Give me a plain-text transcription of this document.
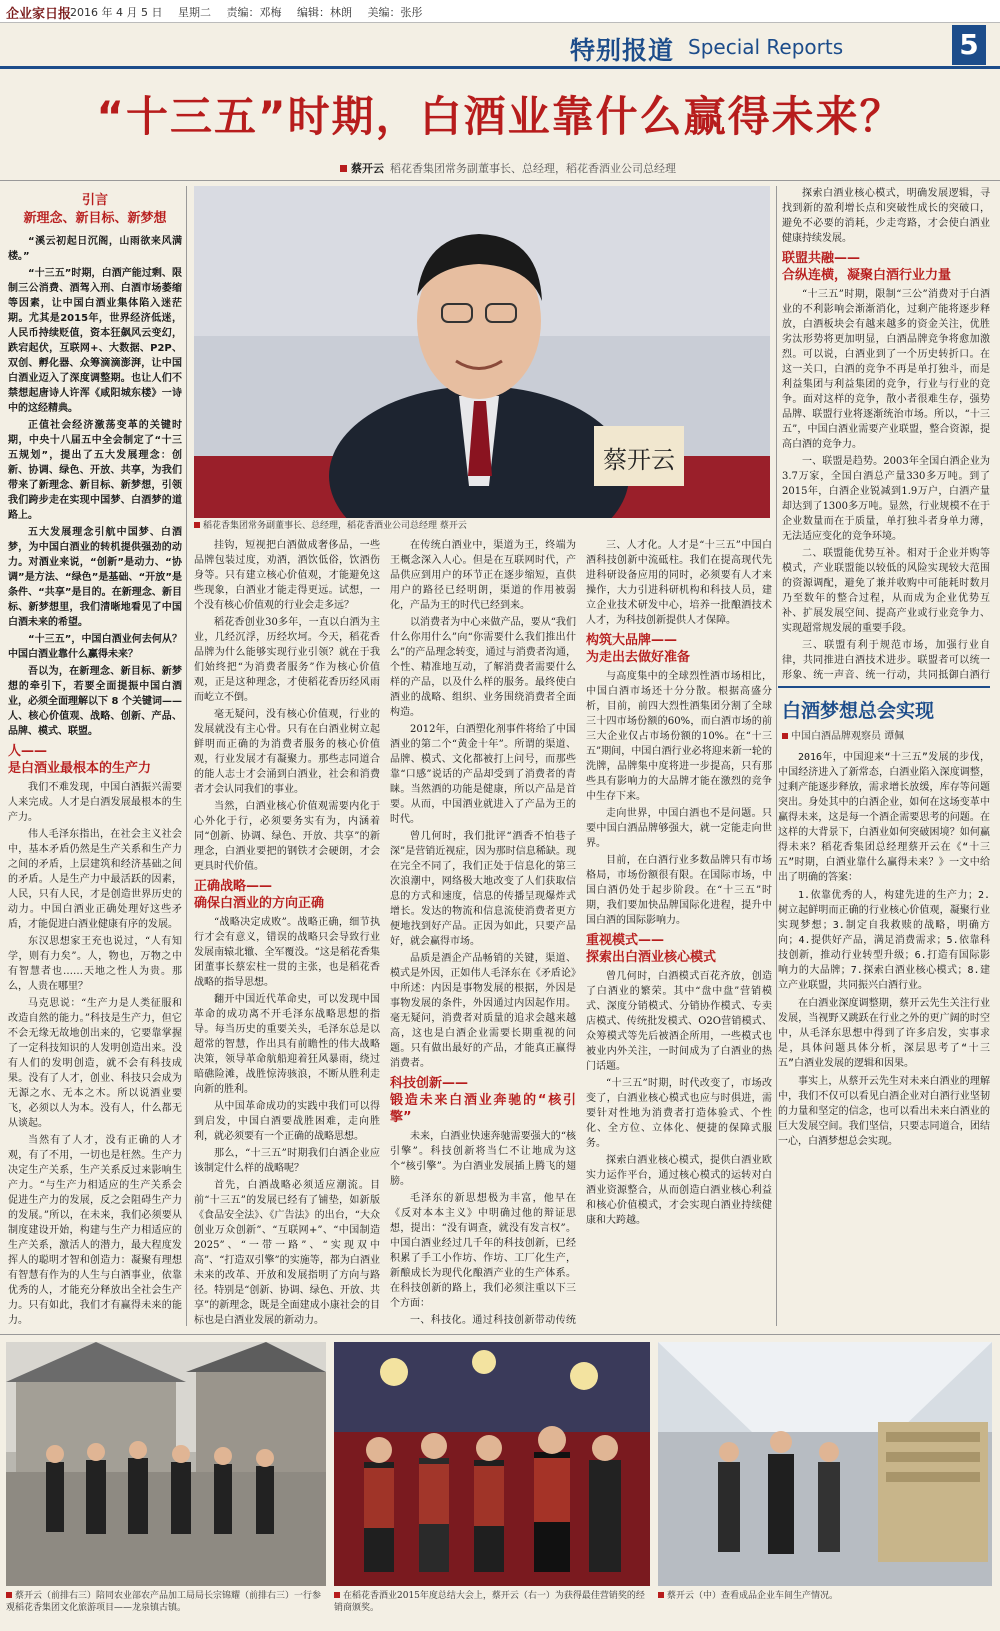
企业家日报
2016 年 4 月 5 日 星期二 责编：邓梅 编辑：林朗 美编：张彤
特别报道 Special Reports	5
“十三五”时期，白酒业靠什么赢得未来？
蔡开云 稻花香集团常务副董事长、总经理，稻花香酒业公司总经理
引言
新理念、新目标、新梦想

“溪云初起日沉阁，山雨欲来风满楼。”

“十三五”时期，白酒产能过剩、限制三公消费、酒驾入刑、白酒市场萎缩等因素，让中国白酒业集体陷入迷茫期。尤其是2015年，世界经济低迷，人民币持续贬值，资本狂飙风云变幻，跌宕起伏，互联网+、大数据、P2P、双创、孵化器、众筹滴滴澎湃，让中国白酒业迈入了深度调整期。也让人们不禁想起唐诗人许浑《咸阳城东楼》一诗中的这经精典。

正值社会经济激荡变革的关键时期，中央十八届五中全会制定了“十三五规划”，提出了五大发展理念：创新、协调、绿色、开放、共享，为我们带来了新理念、新目标、新梦想，引领我们跨步走在实现中国梦、白酒梦的道路上。

五大发展理念引航中国梦、白酒梦，为中国白酒业的转机提供强劲的动力。对酒业来说，“创新”是动力、“协调”是方法、“绿色”是基础、“开放”是条件、“共享”是目的。在新理念、新目标、新梦想里，我们清晰地看见了中国白酒未来的希望。

“十三五”，中国白酒业何去何从？中国白酒业靠什么赢得未来？

吾以为，在新理念、新目标、新梦想的牵引下，若要全面提振中国白酒业，必须全面理解以下 8 个关键词——人、核心价值观、战略、创新、产品、品牌、模式、联盟。

人——
是白酒业最根本的生产力

我们不难发现，中国白酒振兴需要人来完成。人才是白酒发展最根本的生产力。

伟人毛泽东指出，在社会主义社会中，基本矛盾仍然是生产关系和生产力之间的矛盾，上层建筑和经济基础之间的矛盾。人是生产力中最活跃的因素，人民，只有人民，才是创造世界历史的动力。中国白酒业正确处理好这些矛盾，才能促进白酒业健康有序的发展。

东汉思想家王充也说过，“人有知学，则有力矣”。人，物也，万物之中有智慧者也……天地之性人为贵。那么，人贵在哪里？

马克思说：“生产力是人类征服和改造自然的能力。”科技是生产力，但它不会无缘无故地创出来的，它要靠掌握了一定科技知识的人发明创造出来。没有人们的发明创造，就不会有科技成果。没有了人才，创业、科技只会成为无源之水、无本之木。所以说酒业要飞，必须以人为本。没有人，什么都无从谈起。

当然有了人才，没有正确的人才观，有了不用，一切也是枉然。生产力决定生产关系，生产关系反过来影响生产力。“与生产力相适应的生产关系会促进生产力的发展，反之会阻碍生产力的发展。”所以，在未来，我们必须要从制度建设开始，构建与生产力相适应的生产关系，激活人的潜力，最大程度发挥人的聪明才智和创造力：凝聚有理想有智慧有作为的人生与白酒事业，依靠优秀的人，才能充分释放出全社会生产力。只有如此，我们才有赢得未来的能力。

蔡开云
稻花香集团常务副董事长、总经理，稻花香酒业公司总经理 蔡开云

挂钩，短视把白酒做成奢侈品，一些品牌包装过度，劝酒，酒饮低俗，饮酒伤身等。只有建立核心价值观，才能避免这些现象，白酒业才能走得更远。试想，一个没有核心价值观的行业会走多远？

稻花香创业30多年，一直以白酒为主业，几经沉浮，历经坎坷。今天，稻花香品牌为什么能够实现行业引领？就在于我们始终把“为消费者服务”作为核心价值观，正是这种理念，才使稻花香历经风雨而屹立不倒。

毫无疑问，没有核心价值观，行业的发展就没有主心骨。只有在白酒业树立起鲜明而正确的为消费者服务的核心价值观，行业发展才有凝聚力。那些志同道合的能人志士才会涌到白酒业，社会和消费者才会认同我们的事业。

当然，白酒业核心价值观需要内化于心外化于行，必须要务实有为，内涵着同“创新、协调、绿色、开放、共享”的新理念，白酒业要把的钢铁才会硬朗，才会更具时代价值。

正确战略——
确保白酒业的方向正确

“战略决定成败”。战略正确，细节执行才会有意义，错误的战略只会导致行业发展南辕北辙、全军覆没。“这是稻花香集团董事长蔡宏柱一贯的主张，也是稻花香战略的指导思想。

翻开中国近代革命史，可以发现中国革命的成功离不开毛泽东战略思想的指导。每当历史的重要关头，毛泽东总是以超常的智慧，作出具有前瞻性的伟大战略决策，领导革命航船迎着狂风暴雨，绕过暗礁险滩，战胜惊涛骇浪，不断从胜利走向新的胜利。

从中国革命成功的实践中我们可以得到启发，中国白酒要战胜困难，走向胜利，就必须要有一个正确的战略思想。

那么，“十三五”时期我们白酒企业应该制定什么样的战略呢？

首先，白酒战略必须适应潮流。目前“十三五”的发展已经有了铺垫，如新版《食品安全法》、《广告法》的出台，“大众创业万众创新”、“互联网+”、“中国制造2025”、“一带一路”、“实现双中高”、“打造双引擎”的实施等，都为白酒业未来的改革、开放和发展指明了方向与路径。特别是“创新、协调、绿色、开放、共享”的新理念，既是全面建成小康社会的目标也是白酒业发展的新动力。

在传统白酒业中，渠道为王，终端为王概念深入人心。但是在互联网时代，产品供应到用户的环节正在逐步缩短，直供用户的路径已经明朗，渠道的作用被弱化，产品为王的时代已经到来。

以消费者为中心来做产品，要从“我们什么你用什么”向“你需要什么我们推出什么”的产品理念转变，通过与消费者沟通，个性、精准地互动，了解消费者需要什么样的产品，以及什么样的服务。最终使白酒业的战略、组织、业务围绕消费者全面构造。

2012年，白酒塑化剂事件将给了中国酒业的第二个“黄金十年”。所谓的渠道、品牌、模式、文化都被打上问号，而那些靠“口感”说话的产品却受到了消费者的青睐。当然酒的功能是健康，所以产品是首要。从而，中国酒业就进入了产品为王的时代。

曾几何时，我们批评“酒香不怕巷子深”是营销近视症，因为那时信息稀缺。现在完全不同了，我们正处于信息化的第三次浪潮中，网络极大地改变了人们获取信息的方式和速度，信息的传播呈现爆炸式增长。发达的物流和信息流使消费者更方便地找到好产品。正因为如此，只要产品好，就会赢得市场。

品质是酒企产品畅销的关键，渠道、模式是外因，正如伟人毛泽东在《矛盾论》中所述：内因是事物发展的根据，外因是事物发展的条件，外因通过内因起作用。毫无疑问，消费者对质量的追求会越来越高，这也是白酒企业需要长期重视的问题。只有做出最好的产品，才能真正赢得消费者。

科技创新——
锻造未来白酒业奔驰的“核引擎”

未来，白酒业快速奔驰需要强大的“核引擎”。科技创新将当仁不让地成为这个“核引擎”。为白酒业发展插上腾飞的翅膀。

毛泽东的新思想极为丰富，他早在《反对本本主义》中明确过他的辩证思想，提出：“没有调查，就没有发言权”。中国白酒业经过几千年的科技创新，已经积累了手工小作坊、作坊、工厂化生产，新酿成长为现代化酿酒产业的生产体系。在科技创新的路上，我们必须注重以下三个方面：

一、科技化。通过科技创新带动传统

三、人才化。人才是“十三五”中国白酒科技创新中流砥柱。我们在提高现代先进科研设备应用的同时，必须要有人才来操作，大力引进科研机构和科技人员，建立企业技术研发中心，培养一批酿酒技术人才，为科技创新提供人才保障。

构筑大品牌——
为走出去做好准备

与高度集中的全球烈性酒市场相比，中国白酒市场还十分分散。根据高盛分析，目前，前四大烈性酒集团分割了全球三十四市场份额的60%，而白酒市场的前三大企业仅占市场份额的10%。在“十三五”期间，中国白酒行业必将迎来新一轮的洗牌，品牌集中度将进一步提高，只有那些具有影响力的大品牌才能在激烈的竞争中生存下来。

走向世界，中国白酒也不是问题。只要中国白酒品牌够强大，就一定能走向世界。

目前，在白酒行业多数品牌只有市场格局，市场份额很有限。在国际市场，中国白酒仍处于起步阶段。在“十三五”时期，我们要加快品牌国际化进程，提升中国白酒的国际影响力。

重视模式——
探索出白酒业核心模式

曾几何时，白酒模式百花齐放，创造了白酒业的繁荣。其中“盘中盘”营销模式、深度分销模式、分销协作模式、专卖店模式、传统批发模式、O2O营销模式、众筹模式等先后被酒企所用，一些模式也被业内外关注，一时间成为了白酒业的热门话题。

“十三五”时期，时代改变了，市场改变了，白酒业核心模式也应与时俱进，需要针对性地为消费者打造体验式、个性化、全方位、立体化、便捷的保障式服务。

探索白酒业核心模式，提供白酒业欧实力运作平台，通过核心模式的运转对白酒业资源整合，从而创造白酒业核心利益和核心价值模式，才会实现白酒业持续健康和大跨越。

探索白酒业核心模式，明确发展逻辑，寻找到新的盈利增长点和突破性成长的突破口，避免不必要的消耗，少走弯路，才会使白酒业健康持续发展。

联盟共融——
合纵连横，凝聚白酒行业力量

“十三五”时期，限制“三公”消费对于白酒业的不利影响会渐渐消化，过剩产能将逐步释放，白酒板块会有越来越多的资金关注，优胜劣汰形势将更加明显，白酒品牌竞争将愈加激烈。可以说，白酒业到了一个历史转折口。在这一关口，白酒的竞争不再是单打独斗，而是利益集团与利益集团的竞争，行业与行业的竞争。面对这样的竞争，散小者很难生存，强势品牌、联盟行业将逐渐统治市场。所以，“十三五”，中国白酒业需要产业联盟，整合资源，提高白酒的竞争力。

一、联盟是趋势。2003年全国白酒企业为3.7万家，全国白酒总产量330多万吨。到了2015年，白酒企业锐减到1.9万户，白酒产量却达到了1300多万吨。显然，行业规模不在于企业数量而在于质量，单打独斗者身单力薄，无法适应变化的竞争环境。

二、联盟能优势互补。相对于企业并购等模式，产业联盟能以较低的风险实现较大范围的资源调配，避免了兼并收购中可能耗时数月乃至数年的整合过程，从而成为企业优势互补、扩展发展空间、提高产业或行业竞争力、实现超常规发展的重要手段。

三、联盟有利于规范市场，加强行业自律，共同推进白酒技术进步。联盟者可以统一形象、统一声音、统一行动，共同抵御白酒行

白酒梦想总会实现
中国白酒品牌观察员 谭佩

2016年，中国迎来“十三五”发展的步伐，中国经济进入了新常态，白酒业陷入深度调整，过剩产能逐步释放，需求增长放缓，库存等问题突出。身处其中的白酒企业，如何在这场变革中赢得未来，这是每一个酒企需要思考的问题。在这样的大背景下，白酒业如何突破困境？如何赢得未来？稻花香集团总经理蔡开云在《“十三五”时期，白酒业靠什么赢得未来？》一文中给出了明确的答案：

1.依靠优秀的人，构建先进的生产力；2.树立起鲜明而正确的行业核心价值观，凝聚行业实现梦想；3.制定自我救赎的战略，明确方向；4.提供好产品，满足消费需求；5.依靠科技创新，推动行业转型升级；6.打造有国际影响力的大品牌；7.探索白酒业核心模式；8.建立产业联盟，共同振兴白酒行业。

在白酒业深度调整期，蔡开云先生关注行业发展，当视野又跳跃在行业之外的更广阔的时空中，从毛泽东思想中得到了许多启发，实事求是，具体问题具体分析，深层思考了“十三五”白酒业发展的逻辑和因果。

事实上，从蔡开云先生对未来白酒业的理解中，我们不仅可以看见白酒企业对白酒行业坚韧的力量和坚定的信念，也可以看出未来白酒业的巨大发展空间。我们坚信，只要志同道合，团结一心，白酒梦想总会实现。

蔡开云（前排右三）陪同农业部农产品加工局局长宗锦耀（前排右三）一行参观稻花香集团文化旅游项目——龙泉镇古镇。
在稻花香酒业2015年度总结大会上，蔡开云（右一）为获得最佳营销奖的经销商颁奖。
蔡开云（中）查看成品企业车间生产情况。
